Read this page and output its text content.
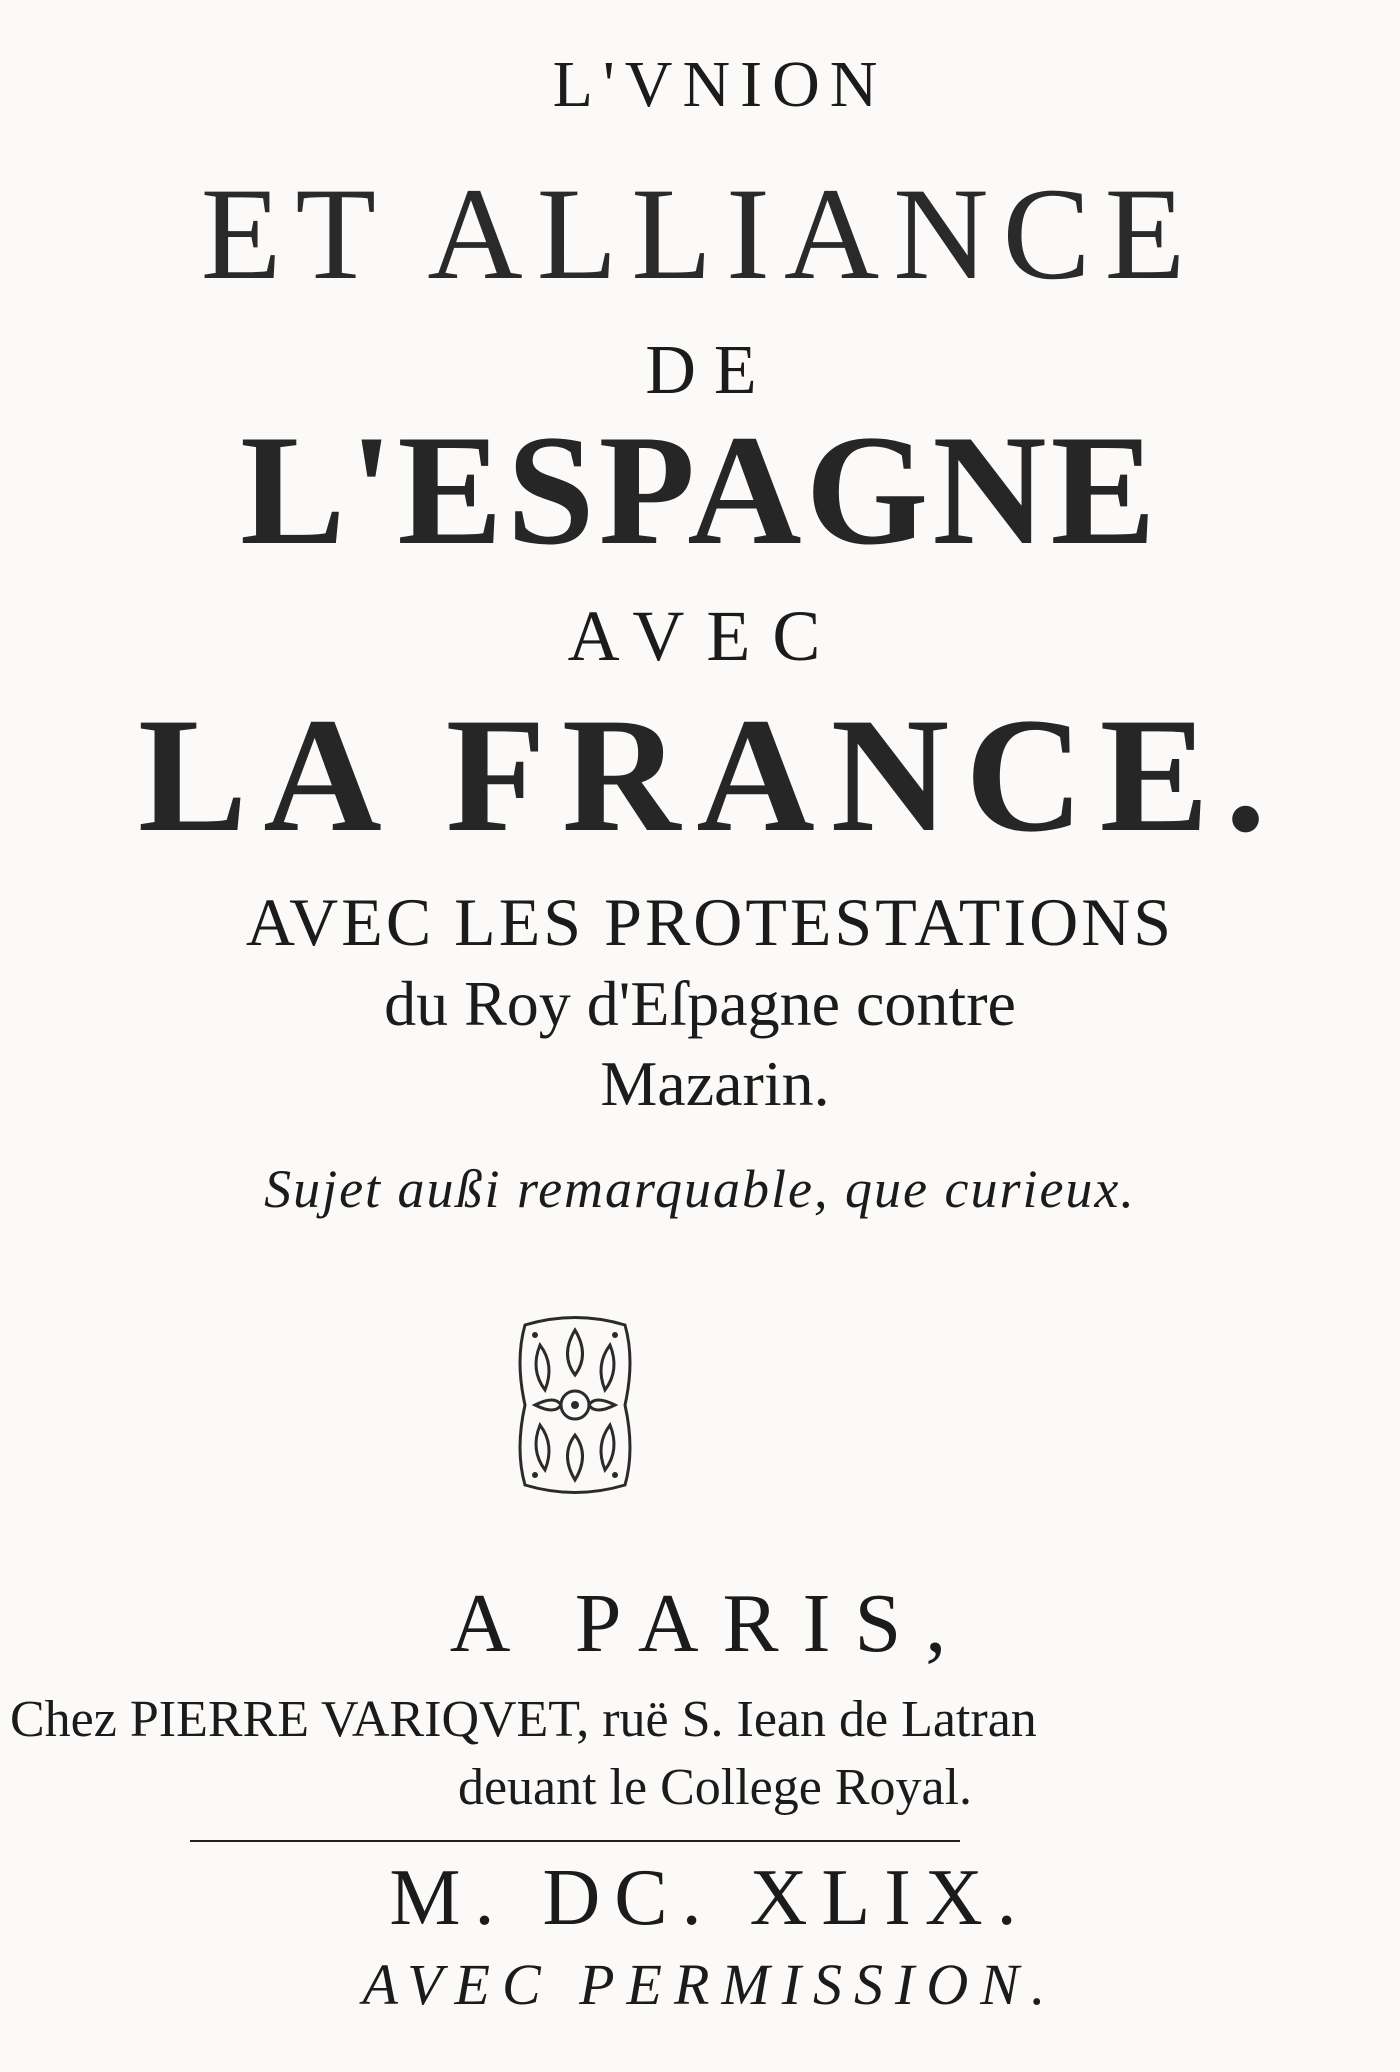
L'VNION
ET ALLIANCE
DE
L'ESPAGNE
AVEC
LA FRANCE.
AVEC LES PROTESTATIONS
du Roy d'Eſpagne contre
Mazarin.
Sujet außi remarquable, que curieux.
A PARIS,
Chez PIERRE VARIQVET, ruë S. Iean de Latran
deuant le College Royal.
M. DC. XLIX.
AVEC PERMISSION.
